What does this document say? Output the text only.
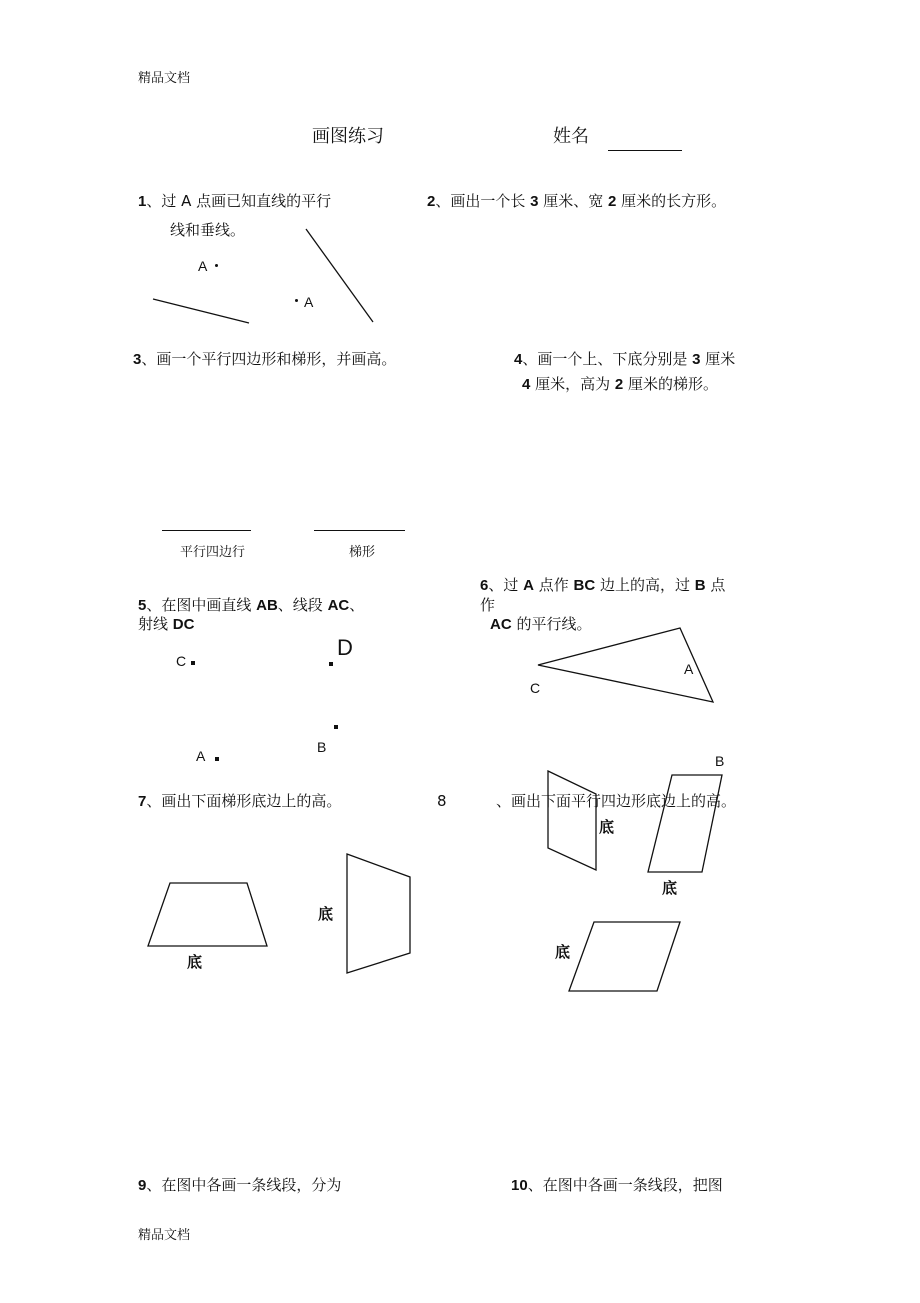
精品文档
精品文档
画图练习	姓名
1、过 A 点画已知直线的平行
线和垂线。
A
A
2、画出一个长 3 厘米、宽 2 厘米的长方形。
3、画一个平行四边形和梯形，并画高。
平行四边行	梯形
4、画一个上、下底分别是 3 厘米
4 厘米，高为 2 厘米的梯形。
5、在图中画直线 AB、线段 AC、
射线 DC
C
D
B
A
6、过 A 点作 BC 边上的高，过 B 点
作
AC 的平行线。
A
C
7、画出下面梯形底边上的高。
底
底
8	、画出下面平行四边形底边上的高。
B
底
底
底
9、在图中各画一条线段，分为	10、在图中各画一条线段，把图
